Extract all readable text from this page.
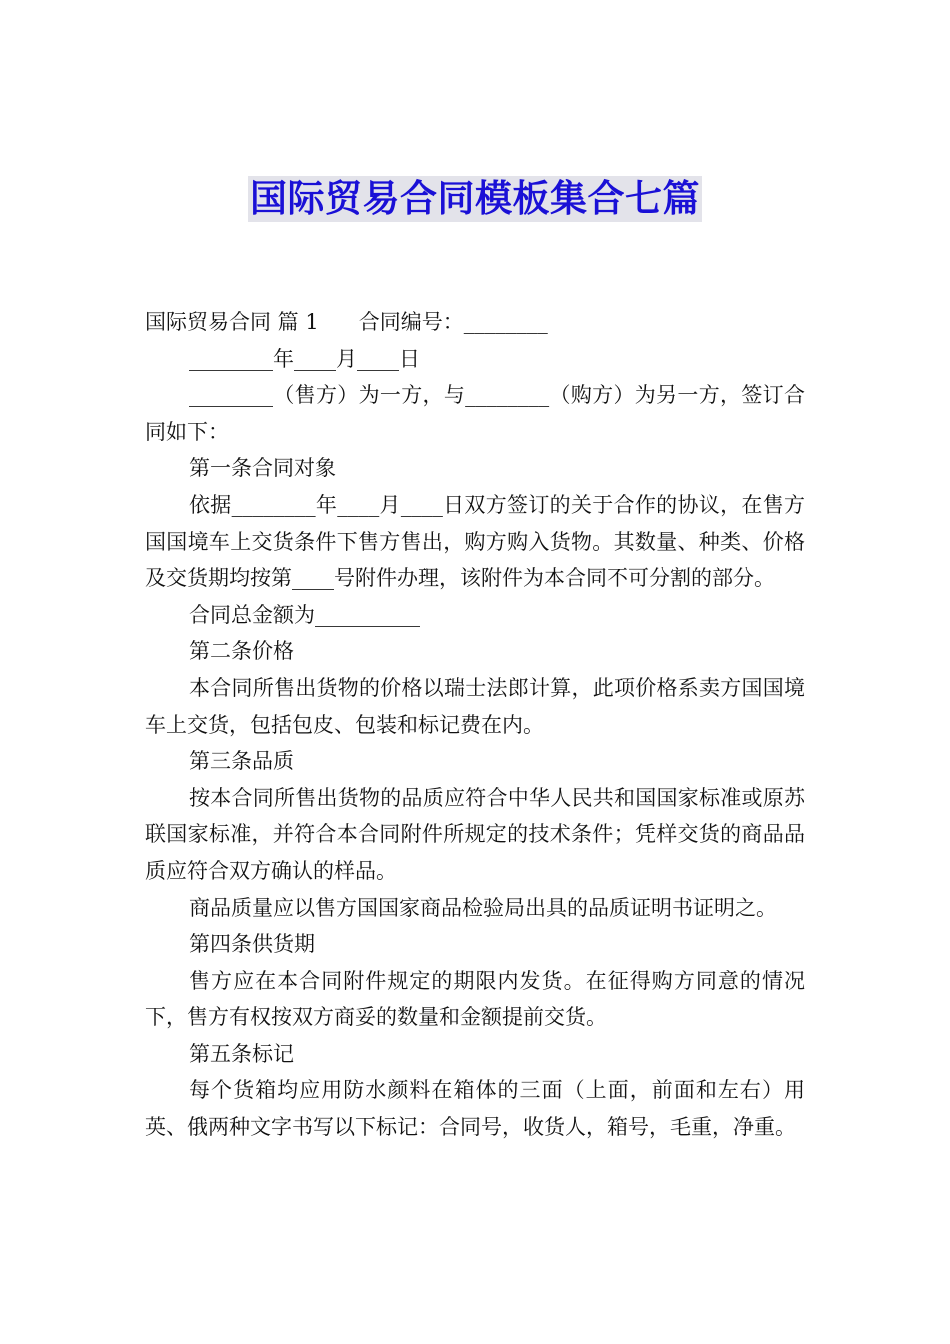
国际贸易合同模板集合七篇

国际贸易合同 篇 1 合同编号：________

________年____月____日

________（售方）为一方，与________（购方）为另一方，签订合同如下：

第一条合同对象

依据________年____月____日双方签订的关于合作的协议，在售方国国境车上交货条件下售方售出，购方购入货物。其数量、种类、价格及交货期均按第____号附件办理，该附件为本合同不可分割的部分。

合同总金额为__________

第二条价格

本合同所售出货物的价格以瑞士法郎计算，此项价格系卖方国国境车上交货，包括包皮、包装和标记费在内。

第三条品质

按本合同所售出货物的品质应符合中华人民共和国国家标准或原苏联国家标准，并符合本合同附件所规定的技术条件；凭样交货的商品品质应符合双方确认的样品。

商品质量应以售方国国家商品检验局出具的品质证明书证明之。

第四条供货期

售方应在本合同附件规定的期限内发货。在征得购方同意的情况下，售方有权按双方商妥的数量和金额提前交货。

第五条标记

每个货箱均应用防水颜料在箱体的三面（上面，前面和左右）用英、俄两种文字书写以下标记：合同号，收货人，箱号，毛重，净重。
